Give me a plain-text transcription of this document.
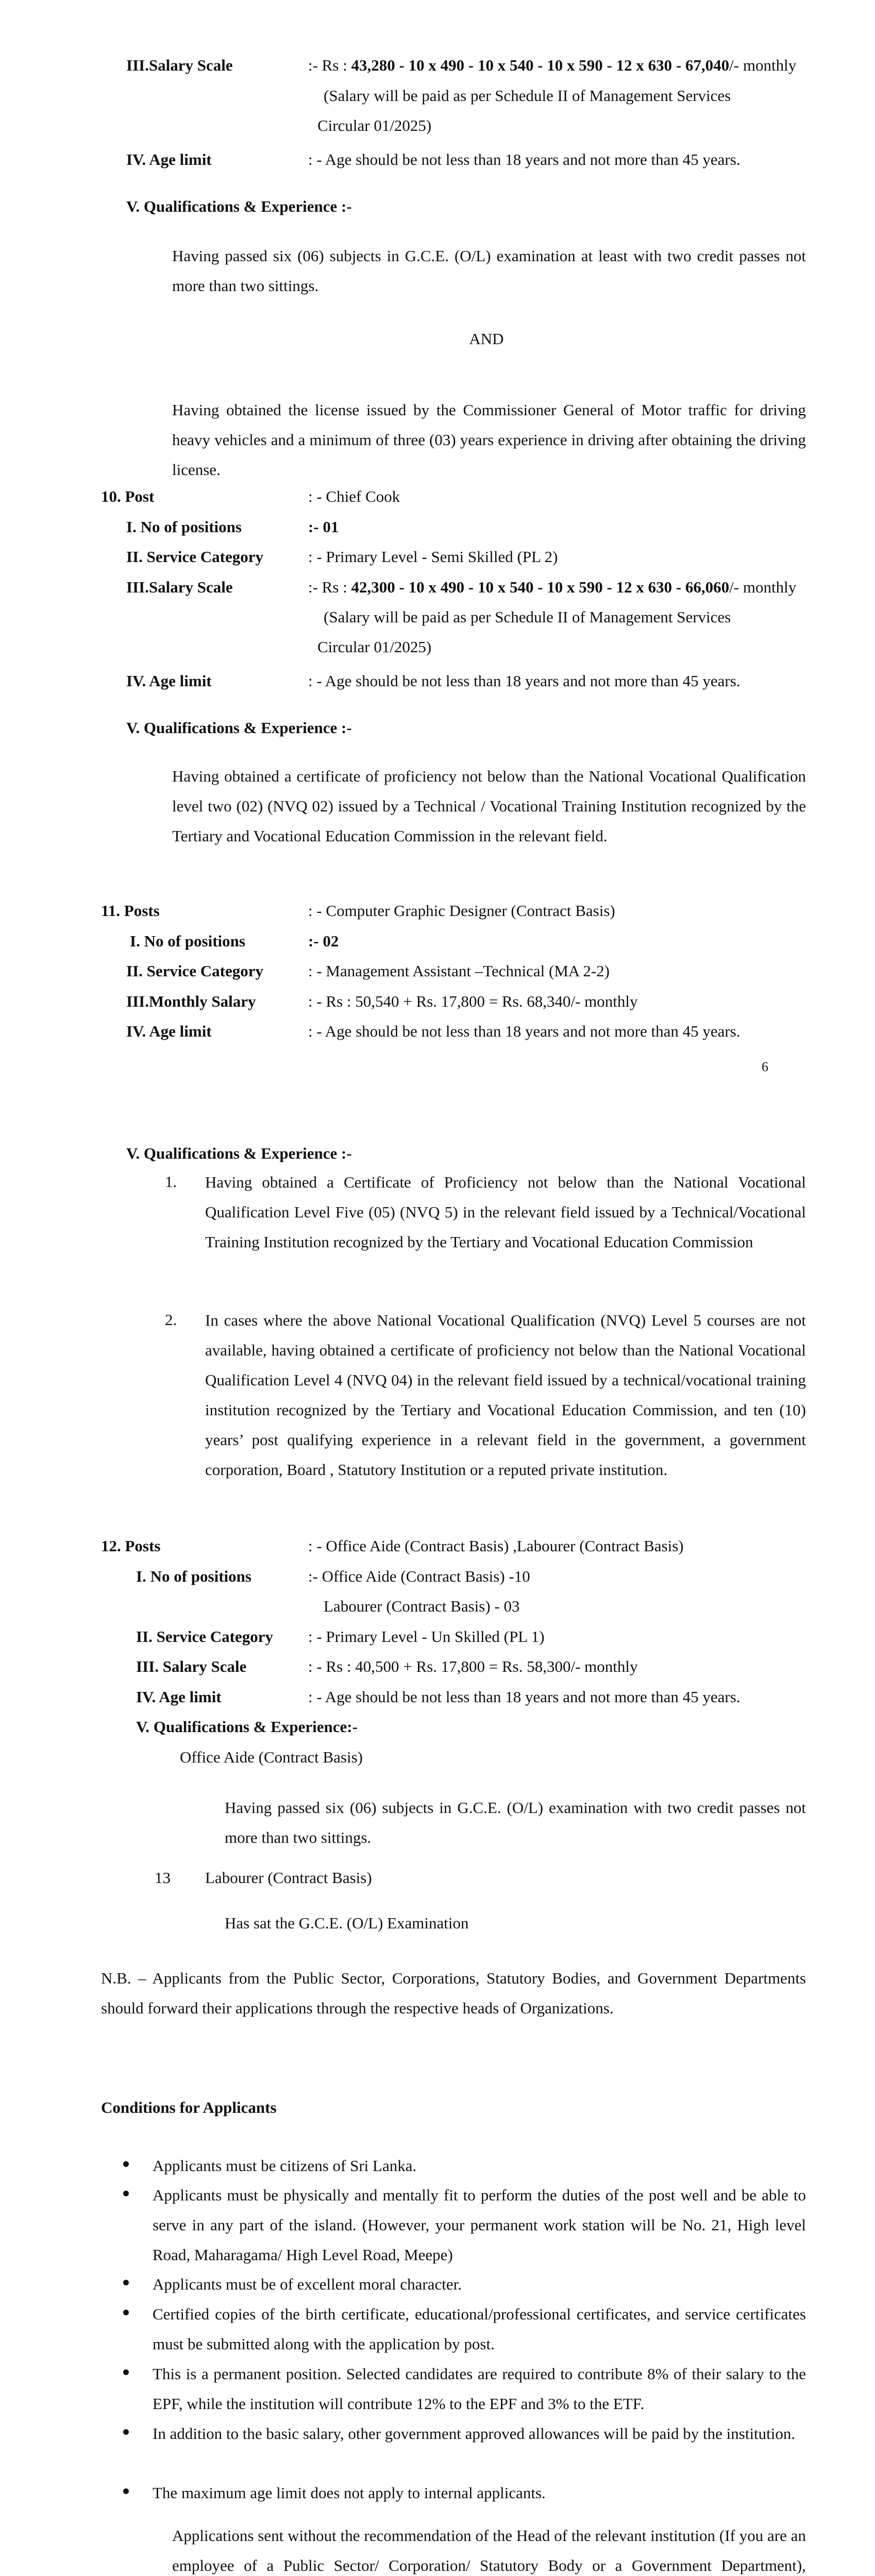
III.Salary Scale	:- Rs : 43,280 - 10 x 490 - 10 x 540 - 10 x 590 - 12 x 630 - 67,040/- monthly
(Salary will be paid as per Schedule II of Management Services
Circular 01/2025)
IV. Age limit	: - Age should be not less than 18 years and not more than 45 years.
V. Qualifications & Experience :-
Having passed six (06) subjects in G.C.E. (O/L) examination at least with two credit passes not more than two sittings.
AND
Having obtained the license issued by the Commissioner General of Motor traffic for driving heavy vehicles and a minimum of three (03) years experience in driving after obtaining the driving license.
10. Post	: - Chief Cook
I. No of positions	:- 01
II. Service Category	: - Primary Level - Semi Skilled (PL 2)
III.Salary Scale	:- Rs : 42,300 - 10 x 490 - 10 x 540 - 10 x 590 - 12 x 630 - 66,060/- monthly
(Salary will be paid as per Schedule II of Management Services
Circular 01/2025)
IV. Age limit	: - Age should be not less than 18 years and not more than 45 years.
V. Qualifications & Experience :-
Having obtained a certificate of proficiency not below than the National Vocational Qualification level two (02) (NVQ 02) issued by a Technical / Vocational Training Institution recognized by the Tertiary and Vocational Education Commission in the relevant field.
11. Posts	: - Computer Graphic Designer (Contract Basis)
I. No of positions	:- 02
II. Service Category	: - Management Assistant –Technical (MA 2-2)
III.Monthly Salary	: - Rs : 50,540 + Rs. 17,800 = Rs. 68,340/- monthly
IV. Age limit	: - Age should be not less than 18 years and not more than 45 years.
6
V. Qualifications & Experience :-
1. Having obtained a Certificate of Proficiency not below than the National Vocational Qualification Level Five (05) (NVQ 5) in the relevant field issued by a Technical/Vocational Training Institution recognized by the Tertiary and Vocational Education Commission
2. In cases where the above National Vocational Qualification (NVQ) Level 5 courses are not available, having obtained a certificate of proficiency not below than the National Vocational Qualification Level 4 (NVQ 04) in the relevant field issued by a technical/vocational training institution recognized by the Tertiary and Vocational Education Commission, and ten (10) years’ post qualifying experience in a relevant field in the government, a government corporation, Board , Statutory Institution or a reputed private institution.
12. Posts	: - Office Aide (Contract Basis) ,Labourer (Contract Basis)
I. No of positions	:- Office Aide (Contract Basis) -10
Labourer (Contract Basis) - 03
II. Service Category : - Primary Level - Un Skilled (PL 1)
III. Salary Scale	: - Rs : 40,500 + Rs. 17,800 = Rs. 58,300/- monthly
IV. Age limit	: - Age should be not less than 18 years and not more than 45 years.
V. Qualifications & Experience:-
Office Aide (Contract Basis)
Having passed six (06) subjects in G.C.E. (O/L) examination with two credit passes not more than two sittings.
13 Labourer (Contract Basis)
Has sat the G.C.E. (O/L) Examination
N.B. – Applicants from the Public Sector, Corporations, Statutory Bodies, and Government Departments should forward their applications through the respective heads of Organizations.
Conditions for Applicants
Applicants must be citizens of Sri Lanka.
Applicants must be physically and mentally fit to perform the duties of the post well and be able to serve in any part of the island. (However, your permanent work station will be No. 21, High level Road, Maharagama/ High Level Road, Meepe)
Applicants must be of excellent moral character.
Certified copies of the birth certificate, educational/professional certificates, and service certificates must be submitted along with the application by post.
This is a permanent position. Selected candidates are required to contribute 8% of their salary to the EPF, while the institution will contribute 12% to the EPF and 3% to the ETF.
In addition to the basic salary, other government approved allowances will be paid by the institution.
The maximum age limit does not apply to internal applicants.
Applications sent without the recommendation of the Head of the relevant institution (If you are an employee of a Public Sector/ Corporation/ Statutory Body or a Government Department),
